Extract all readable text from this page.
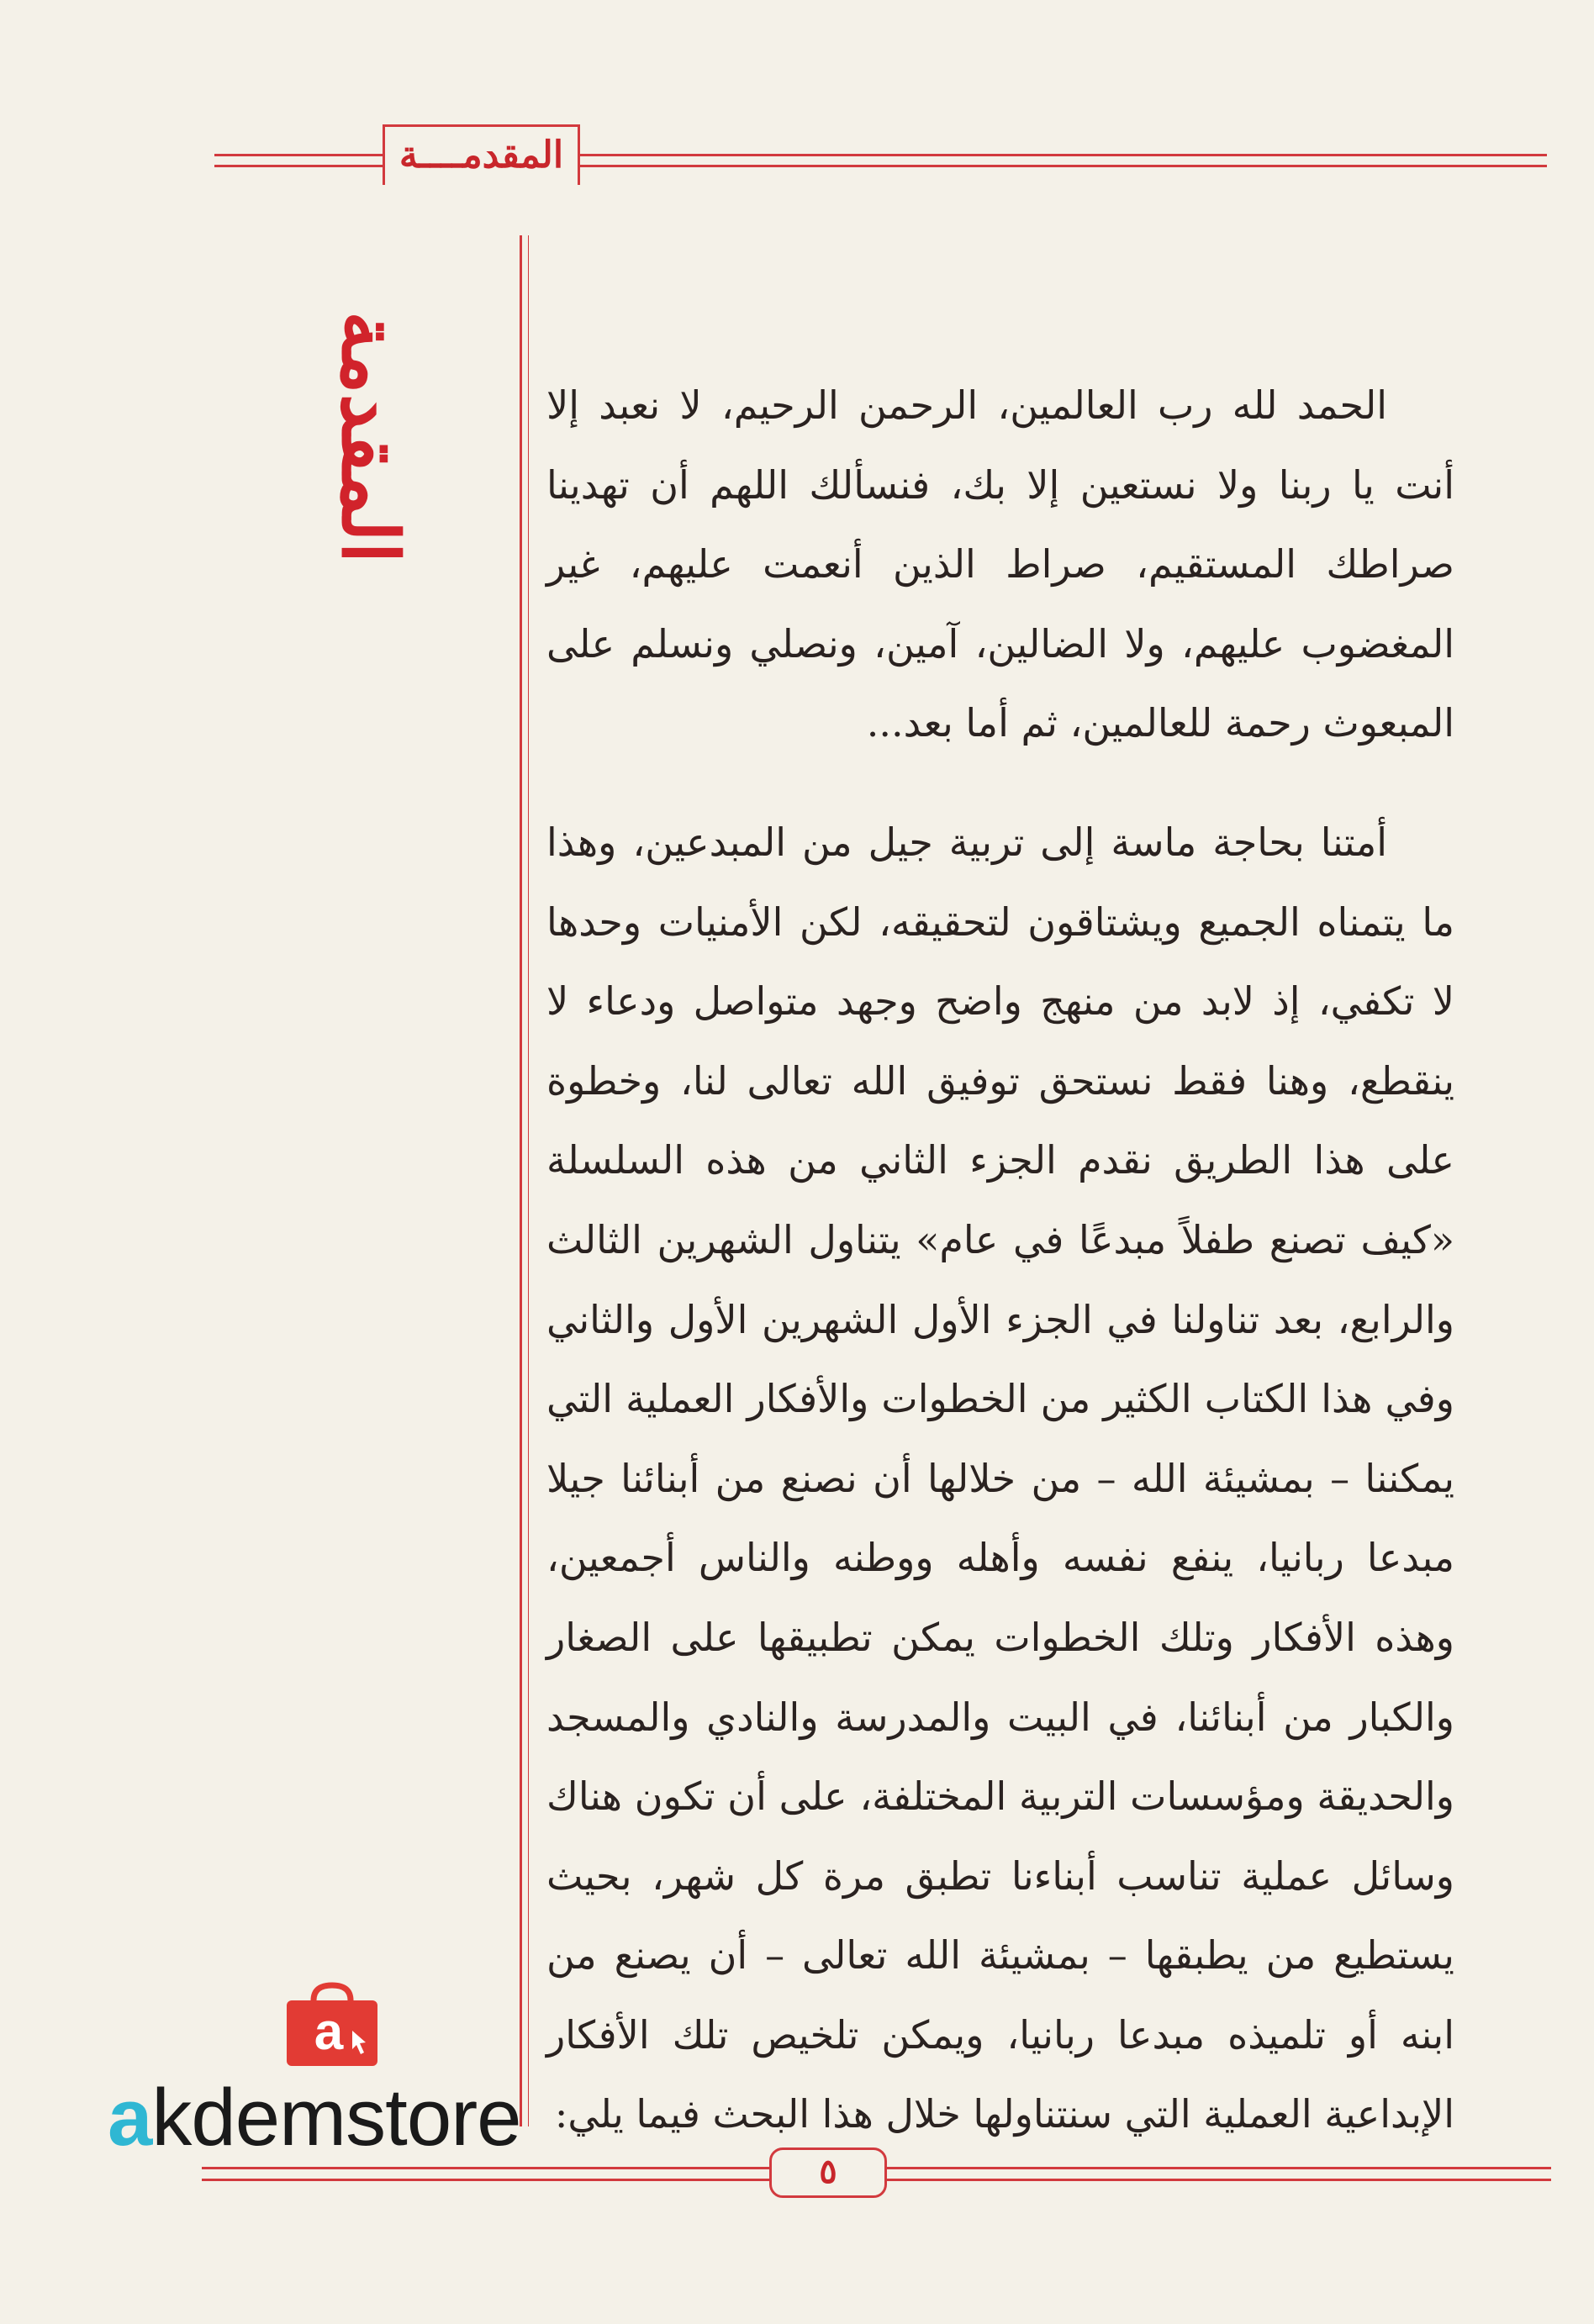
المقدمــــة
المقدمة	الحمد لله رب العالمين، الرحمن الرحيم، لا نعبد إلا أنت يا ربنا ولا نستعين إلا بك، فنسألك اللهم أن تهدينا صراطك المستقيم، صراط الذين أنعمت عليهم، غير المغضوب عليهم، ولا الضالين، آمين، ونصلي ونسلم على المبعوث رحمة للعالمين، ثم أما بعد...

أمتنا بحاجة ماسة إلى تربية جيل من المبدعين، وهذا ما يتمناه الجميع ويشتاقون لتحقيقه، لكن الأمنيات وحدها لا تكفي، إذ لابد من منهج واضح وجهد متواصل ودعاء لا ينقطع، وهنا فقط نستحق توفيق الله تعالى لنا، وخطوة على هذا الطريق نقدم الجزء الثاني من هذه السلسلة «كيف تصنع طفلاً مبدعًا في عام» يتناول الشهرين الثالث والرابع، بعد تناولنا في الجزء الأول الشهرين الأول والثاني وفي هذا الكتاب الكثير من الخطوات والأفكار العملية التي يمكننا – بمشيئة الله – من خلالها أن نصنع من أبنائنا جيلا مبدعا ربانيا، ينفع نفسه وأهله ووطنه والناس أجمعين، وهذه الأفكار وتلك الخطوات يمكن تطبيقها على الصغار والكبار من أبنائنا، في البيت والمدرسة والنادي والمسجد والحديقة ومؤسسات التربية المختلفة، على أن تكون هناك وسائل عملية تناسب أبناءنا تطبق مرة كل شهر، بحيث يستطيع من يطبقها – بمشيئة الله تعالى – أن يصنع من ابنه أو تلميذه مبدعا ربانيا، ويمكن تلخيص تلك الأفكار الإبداعية العملية التي سنتناولها خلال هذا البحث فيما يلي:

a
akdemstore
٥
